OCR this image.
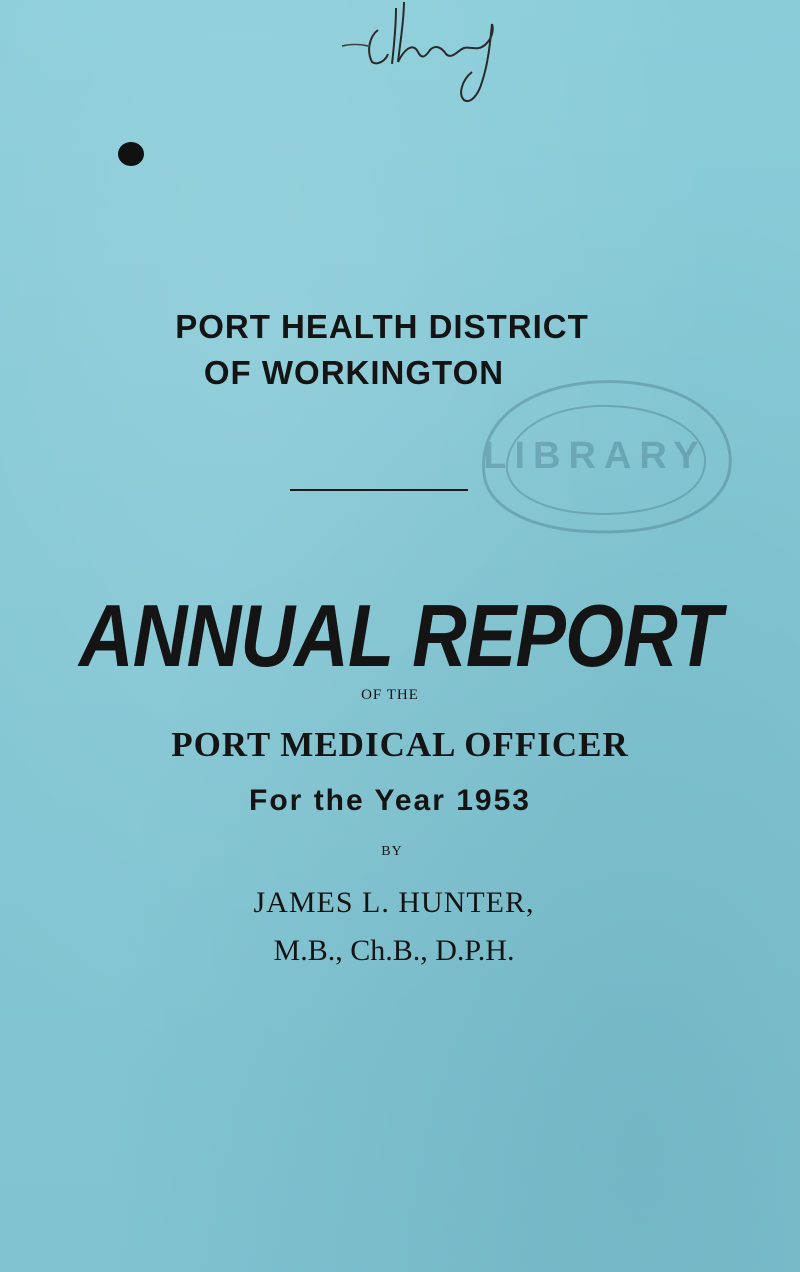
PORT HEALTH DISTRICT
OF WORKINGTON
LIBRARY
ANNUAL REPORT

OF THE

PORT MEDICAL OFFICER

For the Year 1953

BY

JAMES L. HUNTER,

M.B., Ch.B., D.P.H.
